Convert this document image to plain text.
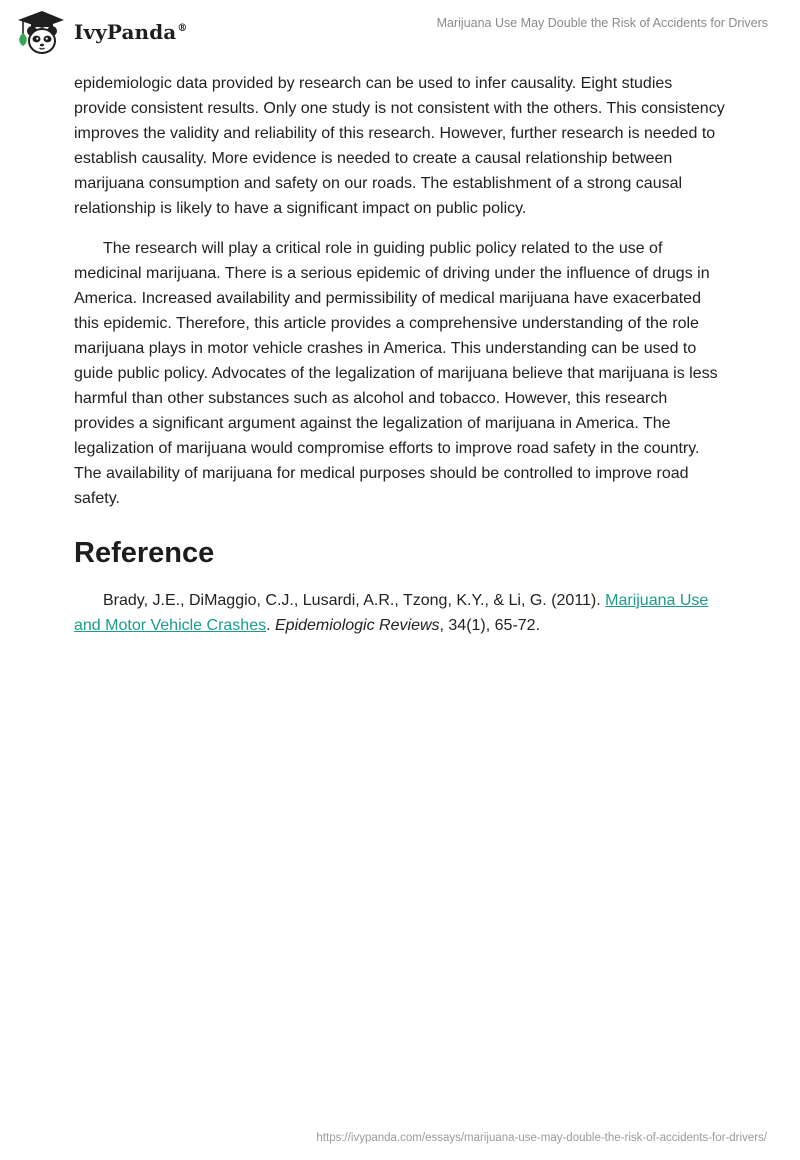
IvyPanda®	Marijuana Use May Double the Risk of Accidents for Drivers

epidemiologic data provided by research can be used to infer causality. Eight studies provide consistent results. Only one study is not consistent with the others. This consistency improves the validity and reliability of this research. However, further research is needed to establish causality. More evidence is needed to create a causal relationship between marijuana consumption and safety on our roads. The establishment of a strong causal relationship is likely to have a significant impact on public policy.

The research will play a critical role in guiding public policy related to the use of medicinal marijuana. There is a serious epidemic of driving under the influence of drugs in America. Increased availability and permissibility of medical marijuana have exacerbated this epidemic. Therefore, this article provides a comprehensive understanding of the role marijuana plays in motor vehicle crashes in America. This understanding can be used to guide public policy. Advocates of the legalization of marijuana believe that marijuana is less harmful than other substances such as alcohol and tobacco. However, this research provides a significant argument against the legalization of marijuana in America. The legalization of marijuana would compromise efforts to improve road safety in the country. The availability of marijuana for medical purposes should be controlled to improve road safety.

Reference

Brady, J.E., DiMaggio, C.J., Lusardi, A.R., Tzong, K.Y., & Li, G. (2011). Marijuana Use and Motor Vehicle Crashes. Epidemiologic Reviews, 34(1), 65-72.

https://ivypanda.com/essays/marijuana-use-may-double-the-risk-of-accidents-for-drivers/
